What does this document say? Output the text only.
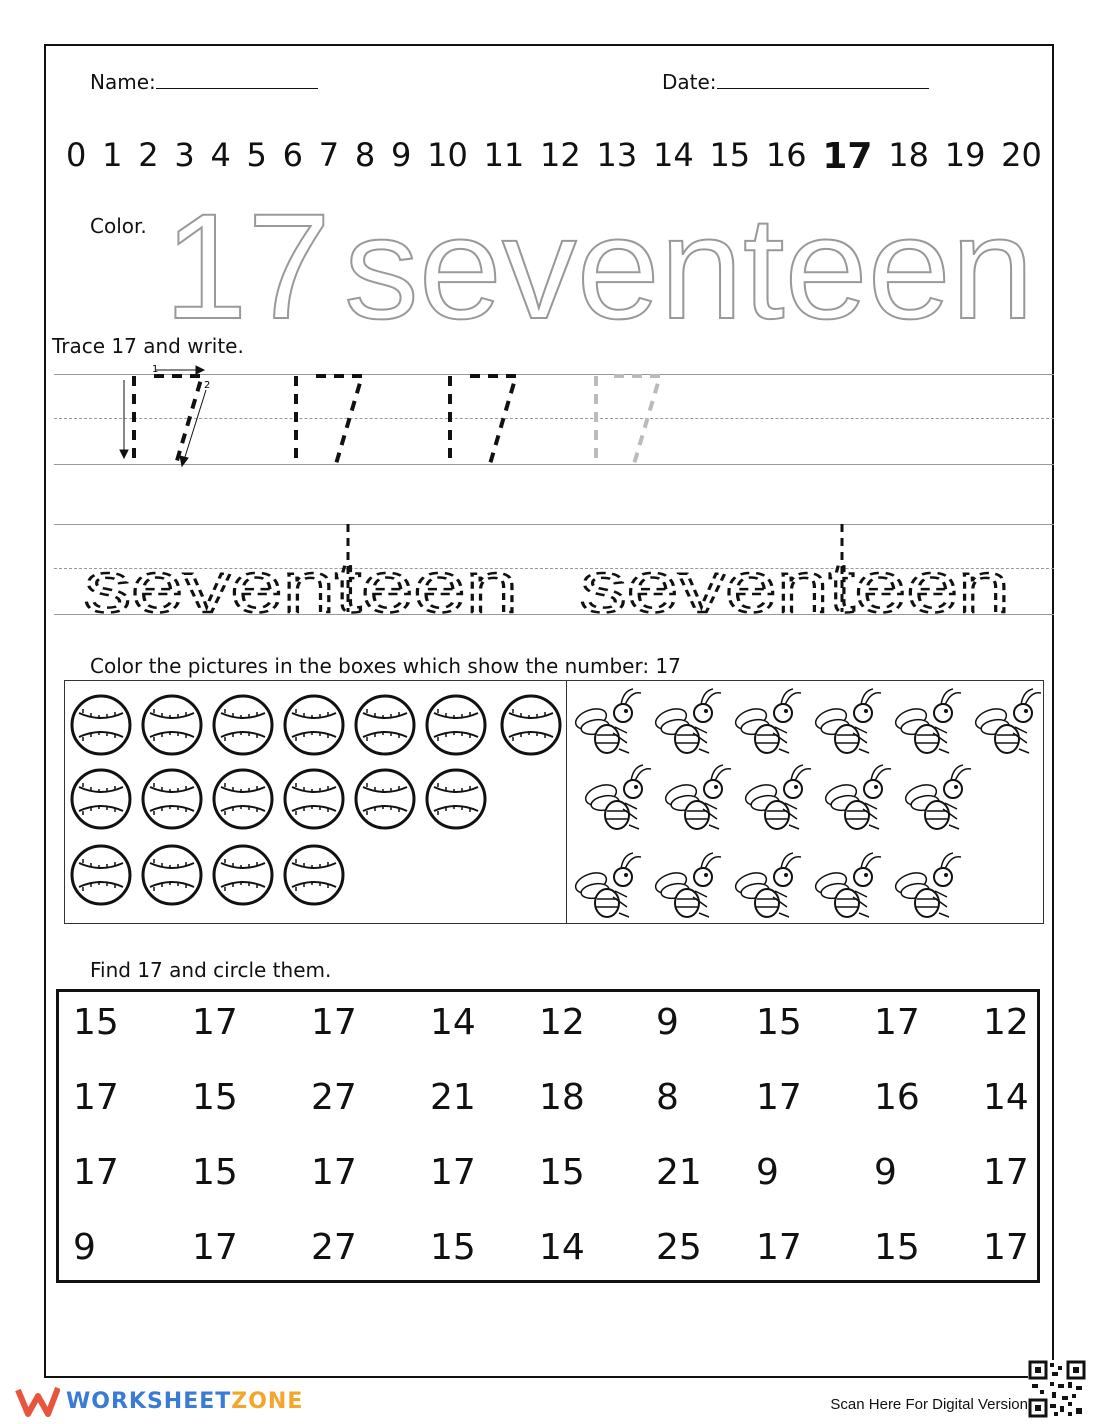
Name:	Date:
0 1 2 3 4 5 6 7 8 9 10 11 12 13 14 15 16 17 18 19 20
Color. 17 seventeen
Trace 17 and write.
1
2
seventeen seventeen
Color the pictures in the boxes which show the number: 17
Find 17 and circle them.
15 17 17 14 12 9 15 17 12
17 15 27 21 18 8 17 16 14
17 15 17 17 15 21 9	9 17
9	17 27 15 14 25 17 15 17
WORKSHEETZONE	Scan Here For Digital Version
